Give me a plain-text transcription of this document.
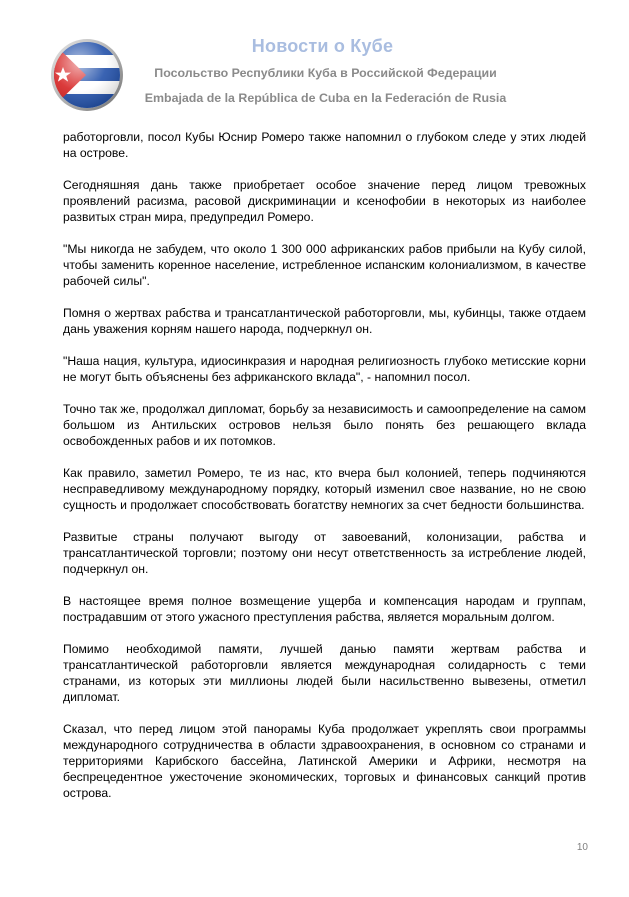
Новости о Кубе
Посольство Республики Куба в Российской Федерации
Embajada de la República de Cuba en la Federación de Rusia

работорговли, посол Кубы Юснир Ромеро также напомнил о глубоком следе у этих людей на острове.

Сегодняшняя дань также приобретает особое значение перед лицом тревожных проявлений расизма, расовой дискриминации и ксенофобии в некоторых из наиболее развитых стран мира, предупредил Ромеро.

"Мы никогда не забудем, что около 1 300 000 африканских рабов прибыли на Кубу силой, чтобы заменить коренное население, истребленное испанским колониализмом, в качестве рабочей силы".

Помня о жертвах рабства и трансатлантической работорговли, мы, кубинцы, также отдаем дань уважения корням нашего народа, подчеркнул он.

"Наша нация, культура, идиосинкразия и народная религиозность глубоко метисские корни не могут быть объяснены без африканского вклада", - напомнил посол.

Точно так же, продолжал дипломат, борьбу за независимость и самоопределение на самом большом из Антильских островов нельзя было понять без решающего вклада освобожденных рабов и их потомков.

Как правило, заметил Ромеро, те из нас, кто вчера был колонией, теперь подчиняются несправедливому международному порядку, который изменил свое название, но не свою сущность и продолжает способствовать богатству немногих за счет бедности большинства.

Развитые страны получают выгоду от завоеваний, колонизации, рабства и трансатлантической торговли; поэтому они несут ответственность за истребление людей, подчеркнул он.

В настоящее время полное возмещение ущерба и компенсация народам и группам, пострадавшим от этого ужасного преступления рабства, является моральным долгом.

Помимо необходимой памяти, лучшей данью памяти жертвам рабства и трансатлантической работорговли является международная солидарность с теми странами, из которых эти миллионы людей были насильственно вывезены, отметил дипломат.

Сказал, что перед лицом этой панорамы Куба продолжает укреплять свои программы международного сотрудничества в области здравоохранения, в основном со странами и территориями Карибского бассейна, Латинской Америки и Африки, несмотря на беспрецедентное ужесточение экономических, торговых и финансовых санкций против острова.

10
